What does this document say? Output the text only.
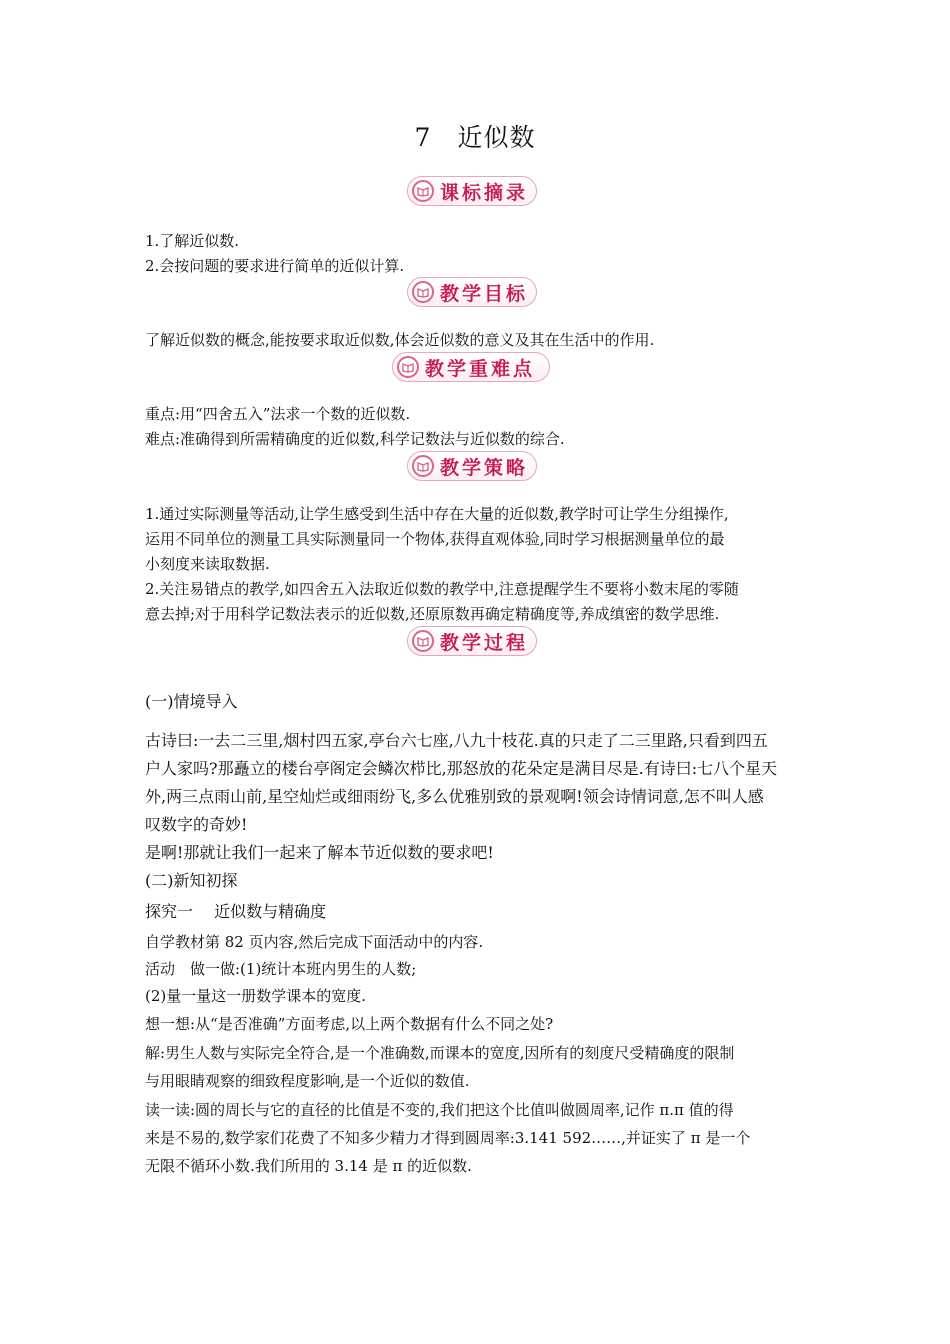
7　近似数
课标摘录
1.了解近似数.
2.会按问题的要求进行简单的近似计算.
教学目标
了解近似数的概念,能按要求取近似数,体会近似数的意义及其在生活中的作用.
教学重难点
重点:用“四舍五入”法求一个数的近似数.
难点:准确得到所需精确度的近似数,科学记数法与近似数的综合.
教学策略
1.通过实际测量等活动,让学生感受到生活中存在大量的近似数,教学时可让学生分组操作,
运用不同单位的测量工具实际测量同一个物体,获得直观体验,同时学习根据测量单位的最
小刻度来读取数据.
2.关注易错点的教学,如四舍五入法取近似数的教学中,注意提醒学生不要将小数末尾的零随
意去掉;对于用科学记数法表示的近似数,还原原数再确定精确度等,养成缜密的数学思维.
教学过程
(一)情境导入
古诗曰:一去二三里,烟村四五家,亭台六七座,八九十枝花.真的只走了二三里路,只看到四五
户人家吗?那矗立的楼台亭阁定会鳞次栉比,那怒放的花朵定是满目尽是.有诗曰:七八个星天
外,两三点雨山前,星空灿烂或细雨纷飞,多么优雅别致的景观啊!领会诗情词意,怎不叫人感
叹数字的奇妙!
是啊!那就让我们一起来了解本节近似数的要求吧!
(二)新知初探
探究一　 近似数与精确度
自学教材第 82 页内容,然后完成下面活动中的内容.
活动　做一做:(1)统计本班内男生的人数;
(2)量一量这一册数学课本的宽度.
想一想:从“是否准确”方面考虑,以上两个数据有什么不同之处?
解:男生人数与实际完全符合,是一个准确数,而课本的宽度,因所有的刻度尺受精确度的限制
与用眼睛观察的细致程度影响,是一个近似的数值.
读一读:圆的周长与它的直径的比值是不变的,我们把这个比值叫做圆周率,记作 π.π 值的得
来是不易的,数学家们花费了不知多少精力才得到圆周率:3.141 592……,并证实了 π 是一个
无限不循环小数.我们所用的 3.14 是 π 的近似数.
